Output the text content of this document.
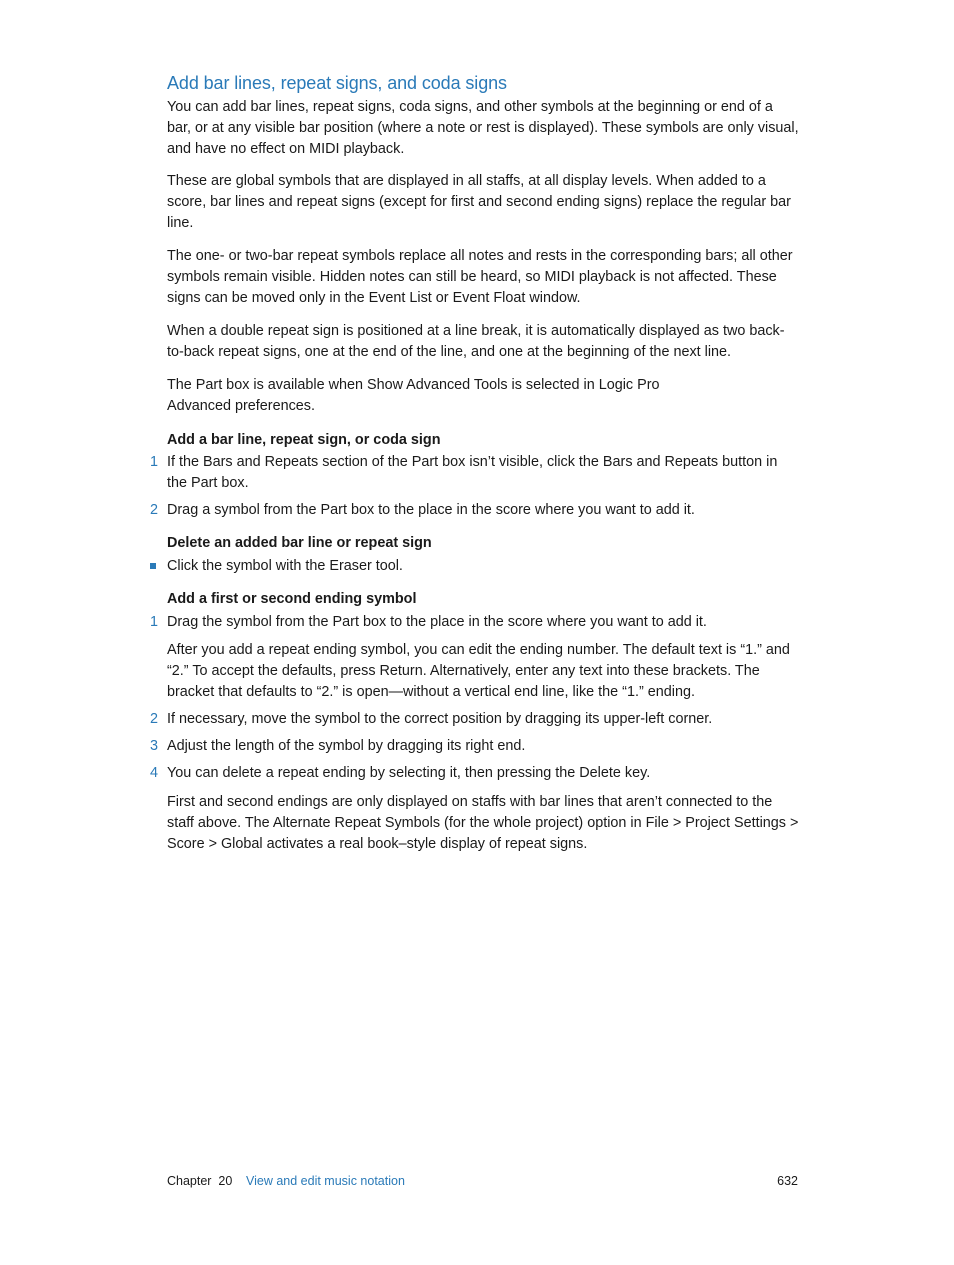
Add bar lines, repeat signs, and coda signs

You can add bar lines, repeat signs, coda signs, and other symbols at the beginning or end of a bar, or at any visible bar position (where a note or rest is displayed). These symbols are only visual, and have no effect on MIDI playback.

These are global symbols that are displayed in all staffs, at all display levels. When added to a score, bar lines and repeat signs (except for first and second ending signs) replace the regular bar line.

The one- or two-bar repeat symbols replace all notes and rests in the corresponding bars; all other symbols remain visible. Hidden notes can still be heard, so MIDI playback is not affected. These signs can be moved only in the Event List or Event Float window.

When a double repeat sign is positioned at a line break, it is automatically displayed as two back-to-back repeat signs, one at the end of the line, and one at the beginning of the next line.

The Part box is available when Show Advanced Tools is selected in Logic Pro Advanced preferences.

Add a bar line, repeat sign, or coda sign
1 If the Bars and Repeats section of the Part box isn’t visible, click the Bars and Repeats button in the Part box.
2 Drag a symbol from the Part box to the place in the score where you want to add it.
Delete an added bar line or repeat sign
Click the symbol with the Eraser tool.
Add a first or second ending symbol
1 Drag the symbol from the Part box to the place in the score where you want to add it.

After you add a repeat ending symbol, you can edit the ending number. The default text is “1.” and “2.” To accept the defaults, press Return. Alternatively, enter any text into these brackets. The bracket that defaults to “2.” is open—without a vertical end line, like the “1.” ending.

2 If necessary, move the symbol to the correct position by dragging its upper-left corner.
3 Adjust the length of the symbol by dragging its right end.
4 You can delete a repeat ending by selecting it, then pressing the Delete key.

First and second endings are only displayed on staffs with bar lines that aren’t connected to the staff above. The Alternate Repeat Symbols (for the whole project) option in File > Project Settings > Score > Global activates a real book–style display of repeat signs.

Chapter  20 View and edit music notation	632
